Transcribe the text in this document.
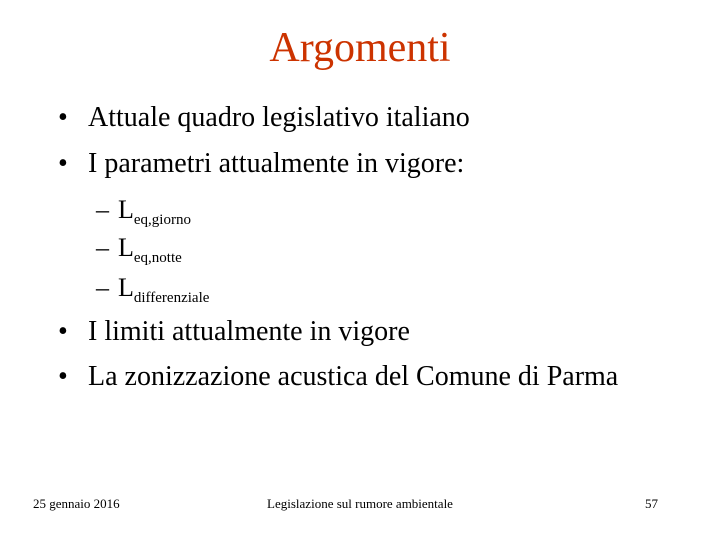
Argomenti
• Attuale quadro legislativo italiano
• I parametri attualmente in vigore:
– $L_{eq,giorno}$
– $L_{eq,notte}$
– $L_{differenziale}$
• I limiti attualmente in vigore
• La zonizzazione acustica del Comune di Parma
25 gennaio 2016	Legislazione sul rumore ambientale	57
